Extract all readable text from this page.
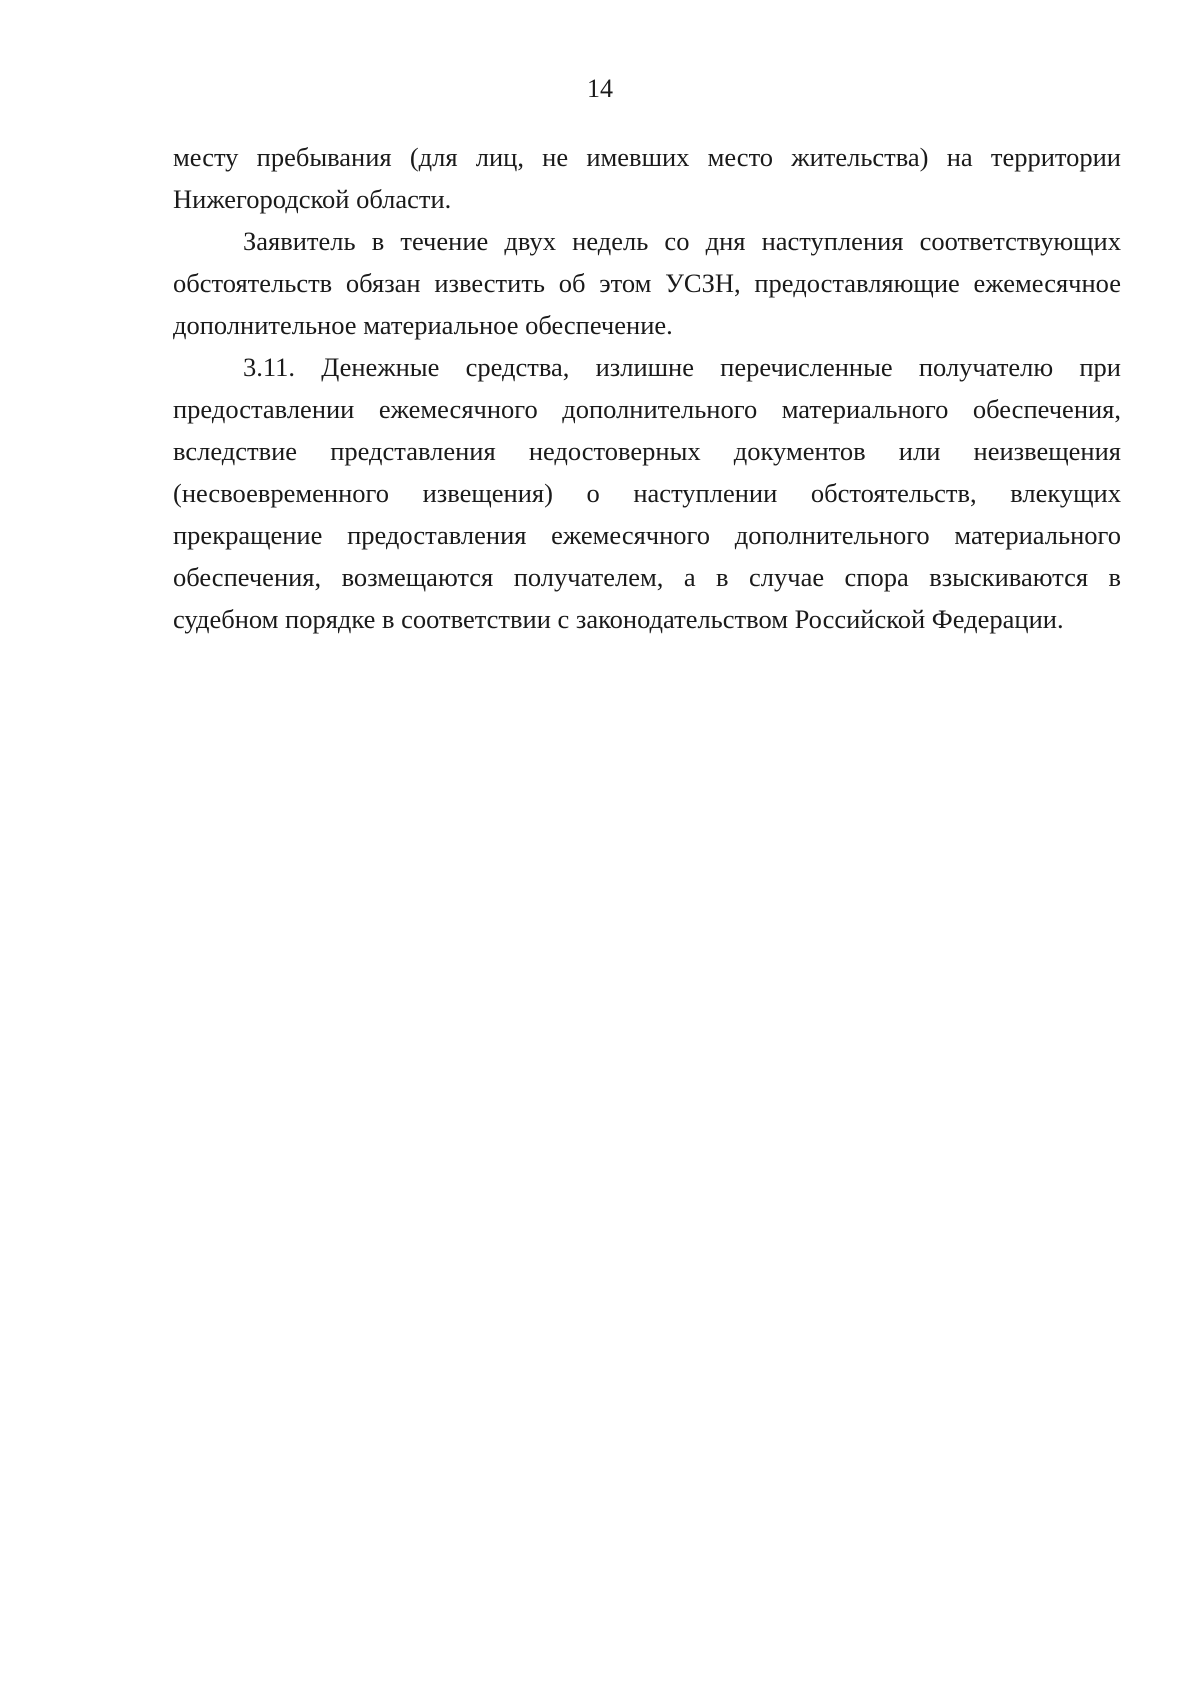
14

месту пребывания (для лиц, не имевших место жительства) на территории Нижегородской области.

Заявитель в течение двух недель со дня наступления соответствующих обстоятельств обязан известить об этом УСЗН, предоставляющие ежемесячное дополнительное материальное обеспечение.

3.11. Денежные средства, излишне перечисленные получателю при предоставлении ежемесячного дополнительного материального обеспечения, вследствие представления недостоверных документов или неизвещения (несвоевременного извещения) о наступлении обстоятельств, влекущих прекращение предоставления ежемесячного дополнительного материального обеспечения, возмещаются получателем, а в случае спора взыскиваются в судебном порядке в соответствии с законодательством Российской Федерации.
